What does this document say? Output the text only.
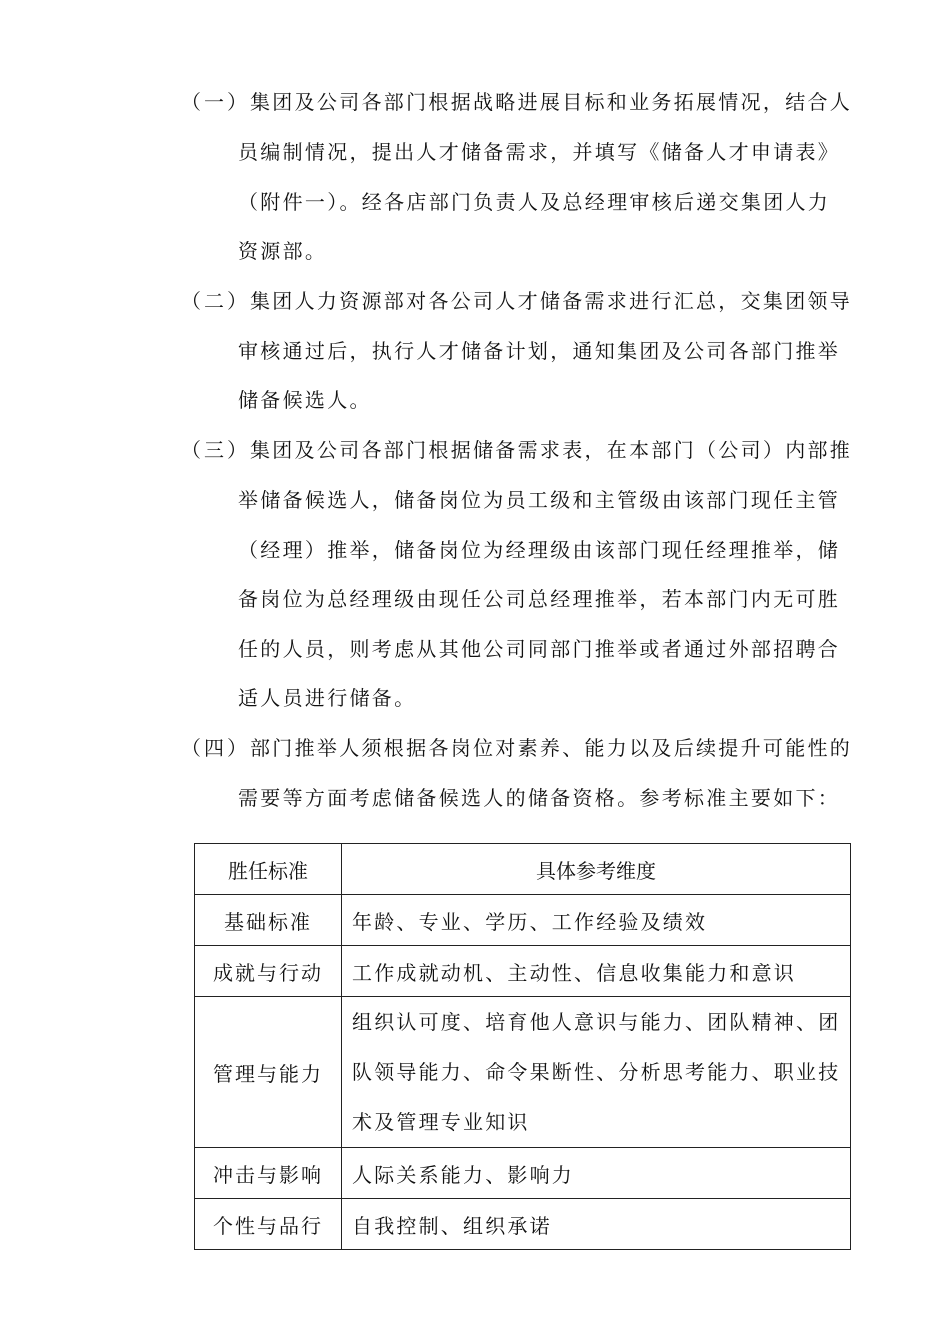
（一） 集团及公司各部门根据战略进展目标和业务拓展情况，结合人
员编制情况，提出人才储备需求，并填写《储备人才申请表》
（附件一）。经各店部门负责人及总经理审核后递交集团人力
资源部。
（二） 集团人力资源部对各公司人才储备需求进行汇总，交集团领导
审核通过后，执行人才储备计划，通知集团及公司各部门推举
储备候选人。
（三） 集团及公司各部门根据储备需求表，在本部门（公司）内部推
举储备候选人，储备岗位为员工级和主管级由该部门现任主管
（经理）推举，储备岗位为经理级由该部门现任经理推举，储
备岗位为总经理级由现任公司总经理推举，若本部门内无可胜
任的人员，则考虑从其他公司同部门推举或者通过外部招聘合
适人员进行储备。
（四） 部门推举人须根据各岗位对素养、能力以及后续提升可能性的
需要等方面考虑储备候选人的储备资格。参考标准主要如下：
胜任标准	具体参考维度
基础标准	年龄、专业、学历、工作经验及绩效
成就与行动	工作成就动机、主动性、信息收集能力和意识
管理与能力	组织认可度、培育他人意识与能力、团队精神、团
队领导能力、命令果断性、分析思考能力、职业技
术及管理专业知识

冲击与影响	人际关系能力、影响力
个性与品行	自我控制、组织承诺
